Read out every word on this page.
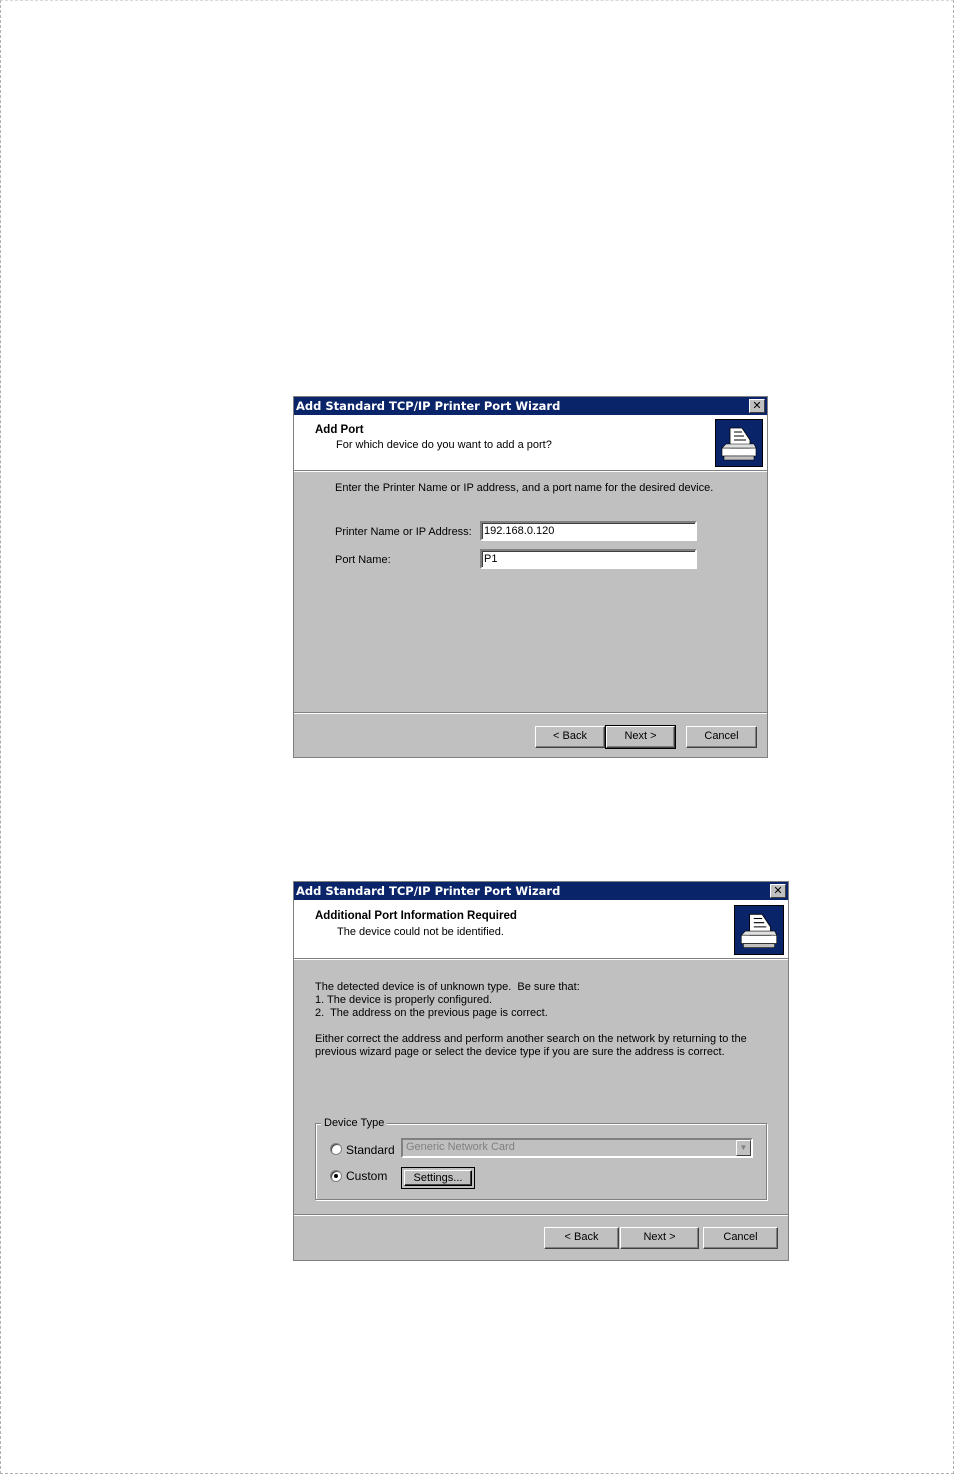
Add Standard TCP/IP Printer Port Wizard	✕
Add Port
For which device do you want to add a port?
Enter the Printer Name or IP address, and a port name for the desired device.
Printer Name or IP Address:	192.168.0.120
Port Name:	P1
< Back	Next >	Cancel
Add Standard TCP/IP Printer Port Wizard	✕
Additional Port Information Required
The device could not be identified.
The detected device is of unknown type.  Be sure that:
1. The device is properly configured.
2.  The address on the previous page is correct.
Either correct the address and perform another search on the network by returning to the
previous wizard page or select the device type if you are sure the address is correct.
Device Type
Standard	Generic Network Card	▼
Custom	Settings...
< Back	Next >	Cancel
